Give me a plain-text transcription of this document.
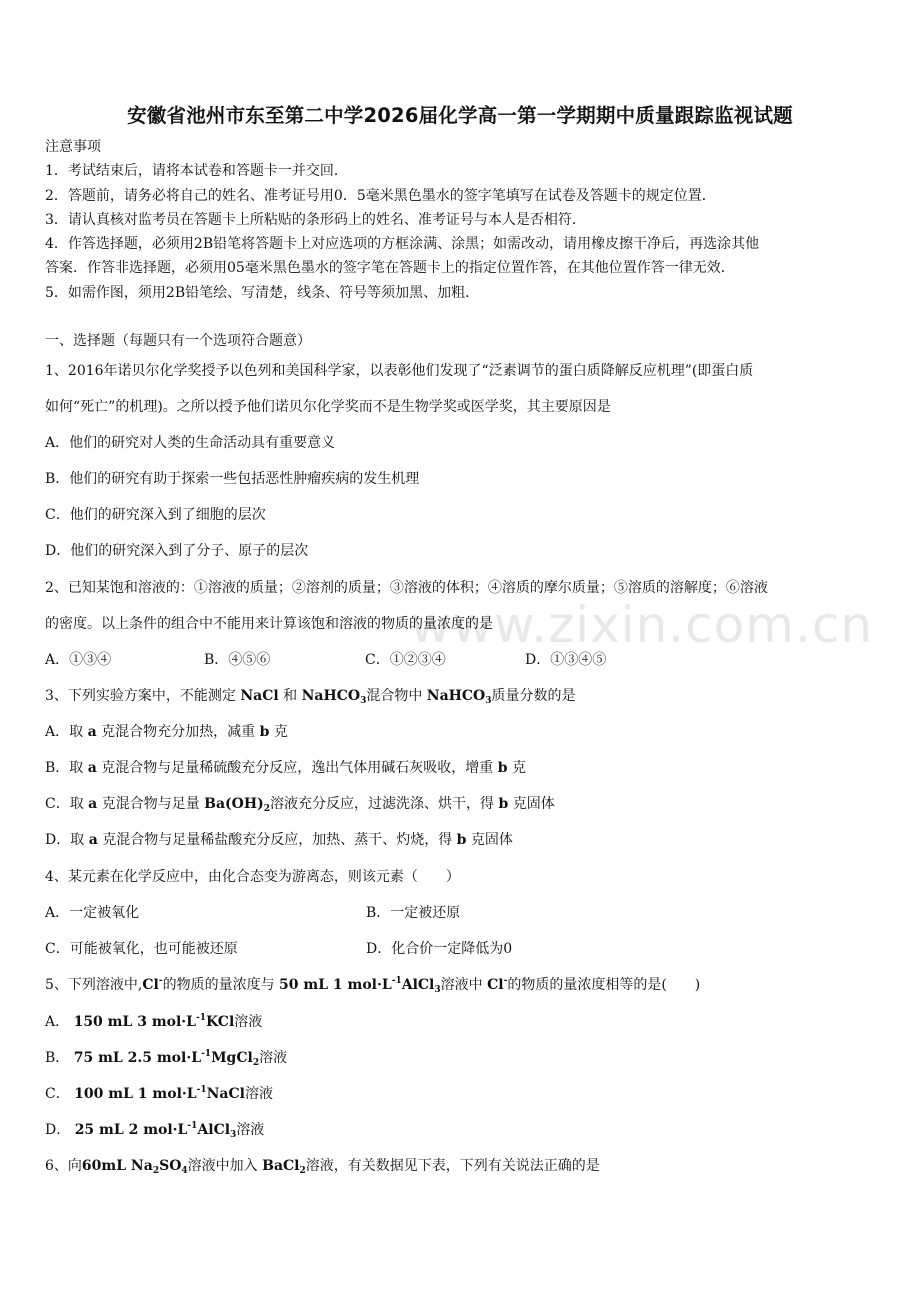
www.zixin.com.cn
安徽省池州市东至第二中学2026届化学高一第一学期期中质量跟踪监视试题
注意事项
1．考试结束后，请将本试卷和答题卡一并交回．
2．答题前，请务必将自己的姓名、准考证号用0．5毫米黑色墨水的签字笔填写在试卷及答题卡的规定位置．
3．请认真核对监考员在答题卡上所粘贴的条形码上的姓名、准考证号与本人是否相符．
4．作答选择题，必须用2B铅笔将答题卡上对应选项的方框涂满、涂黑；如需改动，请用橡皮擦干净后，再选涂其他
答案．作答非选择题，必须用05毫米黑色墨水的签字笔在答题卡上的指定位置作答，在其他位置作答一律无效．
5．如需作图，须用2B铅笔绘、写清楚，线条、符号等须加黑、加粗．
一、选择题（每题只有一个选项符合题意）
1、2016年诺贝尔化学奖授予以色列和美国科学家，以表彰他们发现了“泛素调节的蛋白质降解反应机理”(即蛋白质
如何“死亡”的机理)。之所以授予他们诺贝尔化学奖而不是生物学奖或医学奖，其主要原因是
A．他们的研究对人类的生命活动具有重要意义
B．他们的研究有助于探索一些包括恶性肿瘤疾病的发生机理
C．他们的研究深入到了细胞的层次
D．他们的研究深入到了分子、原子的层次
2、已知某饱和溶液的：①溶液的质量；②溶剂的质量；③溶液的体积；④溶质的摩尔质量；⑤溶质的溶解度；⑥溶液
的密度。以上条件的组合中不能用来计算该饱和溶液的物质的量浓度的是
A．①③④	B．④⑤⑥	C．①②③④	D．①③④⑤
3、下列实验方案中，不能测定 NaCl 和 NaHCO$_3$混合物中 NaHCO$_3$质量分数的是
A．取 a 克混合物充分加热，减重 b 克
B．取 a 克混合物与足量稀硫酸充分反应，逸出气体用碱石灰吸收，增重 b 克
C．取 a 克混合物与足量 $Ba(OH)_2$溶液充分反应，过滤洗涤、烘干，得 b 克固体
D．取 a 克混合物与足量稀盐酸充分反应，加热、蒸干、灼烧，得 b 克固体
4、某元素在化学反应中，由化合态变为游离态，则该元素（　　）
A．一定被氧化	B．一定被还原
C．可能被氧化，也可能被还原	D．化合价一定降低为0
5、下列溶液中,Cl-的物质的量浓度与 50 mL 1 $mol\cdot L^{-1}AlCl_3$溶液中 Cl-的物质的量浓度相等的是(　　)
A． 150 mL 3 $mol\cdot L^{-1}KCl$溶液
B． 75 mL 2.5 $mol\cdot L^{-1}MgCl_2$溶液
C． 100 mL 1 $mol\cdot L^{-1}NaCl$溶液
D． 25 mL 2 $mol\cdot L^{-1}AlCl_3$溶液
6、向60mL $Na_2SO_4$溶液中加入 BaCl$_2$溶液，有关数据见下表，下列有关说法正确的是
